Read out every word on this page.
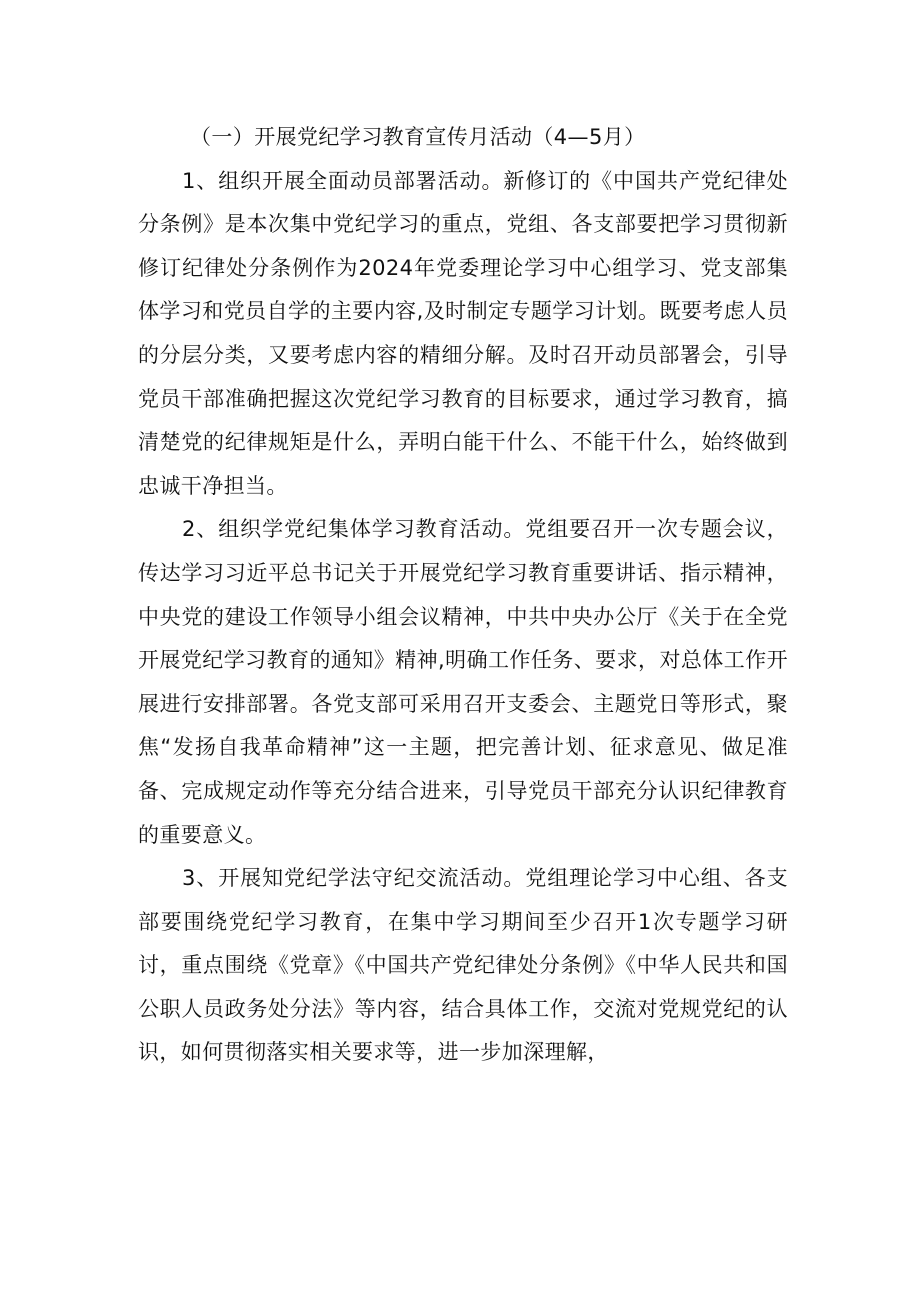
（一）开展党纪学习教育宣传月活动（4—5月）

1、组织开展全面动员部署活动。新修订的《中国共产党纪律处分条例》是本次集中党纪学习的重点，党组、各支部要把学习贯彻新修订纪律处分条例作为2024年党委理论学习中心组学习、党支部集体学习和党员自学的主要内容,及时制定专题学习计划。既要考虑人员的分层分类，又要考虑内容的精细分解。及时召开动员部署会，引导党员干部准确把握这次党纪学习教育的目标要求，通过学习教育，搞清楚党的纪律规矩是什么，弄明白能干什么、不能干什么，始终做到忠诚干净担当。

2、组织学党纪集体学习教育活动。党组要召开一次专题会议，传达学习习近平总书记关于开展党纪学习教育重要讲话、指示精神，中央党的建设工作领导小组会议精神，中共中央办公厅《关于在全党开展党纪学习教育的通知》精神,明确工作任务、要求，对总体工作开展进行安排部署。各党支部可采用召开支委会、主题党日等形式，聚焦“发扬自我革命精神”这一主题，把完善计划、征求意见、做足准备、完成规定动作等充分结合进来，引导党员干部充分认识纪律教育的重要意义。

3、开展知党纪学法守纪交流活动。党组理论学习中心组、各支部要围绕党纪学习教育，在集中学习期间至少召开1次专题学习研讨，重点围绕《党章》《中国共产党纪律处分条例》《中华人民共和国公职人员政务处分法》等内容，结合具体工作，交流对党规党纪的认识，如何贯彻落实相关要求等，进一步加深理解，
